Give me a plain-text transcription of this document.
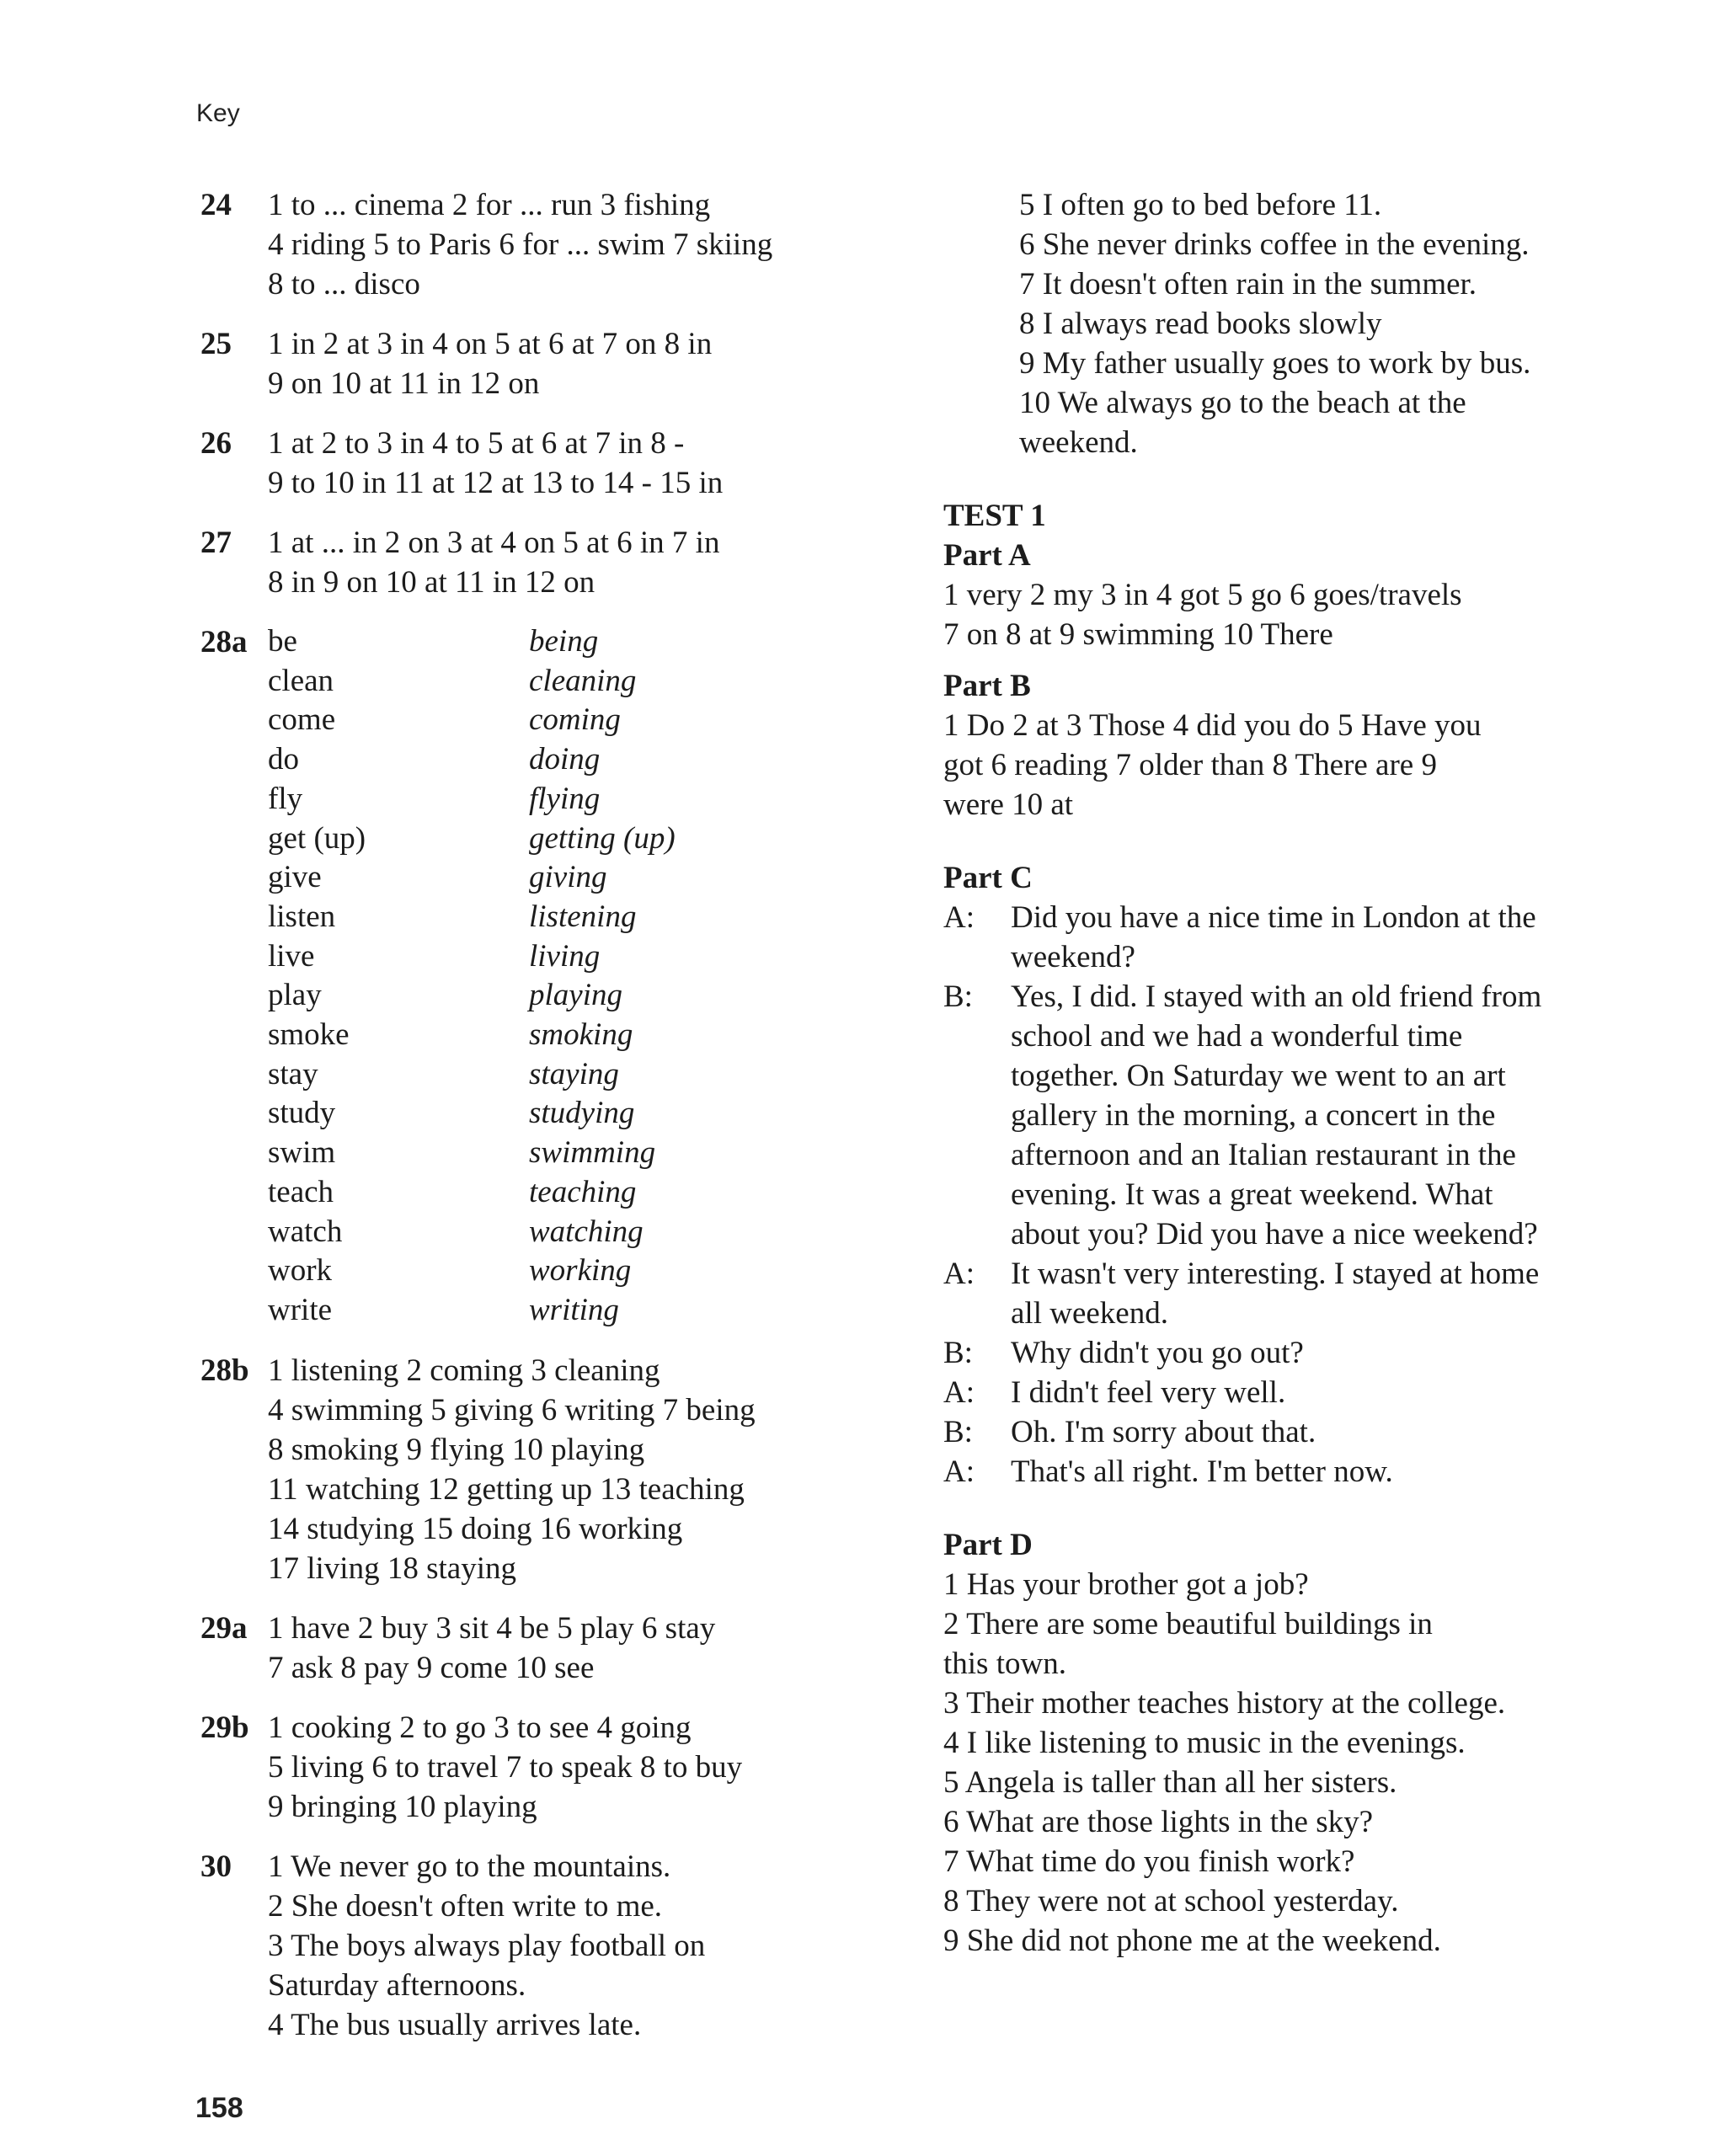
Key
24 1 to ... cinema 2 for ... run 3 fishing
4 riding 5 to Paris 6 for ... swim 7 skiing
8 to ... disco
25 1 in 2 at 3 in 4 on 5 at 6 at 7 on 8 in
9 on 10 at 11 in 12 on
26 1 at 2 to 3 in 4 to 5 at 6 at 7 in 8 -
9 to 10 in 11 at 12 at 13 to 14 - 15 in
27 1 at ... in 2 on 3 at 4 on 5 at 6 in 7 in
8 in 9 on 10 at 11 in 12 on
28a be	being
clean	cleaning
come	coming
do	doing
fly	flying
get (up)	getting (up)
give	giving
listen	listening
live	living
play	playing
smoke	smoking
stay	staying
study	studying
swim	swimming
teach	teaching
watch	watching
work	working
write	writing
28b 1 listening 2 coming 3 cleaning
4 swimming 5 giving 6 writing 7 being
8 smoking 9 flying 10 playing
11 watching 12 getting up 13 teaching
14 studying 15 doing 16 working
17 living 18 staying
29a 1 have 2 buy 3 sit 4 be 5 play 6 stay
7 ask 8 pay 9 come 10 see
29b 1 cooking 2 to go 3 to see 4 going
5 living 6 to travel 7 to speak 8 to buy
9 bringing 10 playing
30 1 We never go to the mountains.
2 She doesn't often write to me.
3 The boys always play football on
Saturday afternoons.
4 The bus usually arrives late.
5 I often go to bed before 11.
6 She never drinks coffee in the evening.
7 It doesn't often rain in the summer.
8 I always read books slowly
9 My father usually goes to work by bus.
10 We always go to the beach at the
weekend.
TEST 1
Part A
1 very 2 my 3 in 4 got 5 go 6 goes/travels
7 on 8 at 9 swimming 10 There
Part B
1 Do 2 at 3 Those 4 did you do 5 Have you
got 6 reading 7 older than 8 There are 9
were 10 at
Part C
A:	Did you have a nice time in London at the
weekend?
B:	Yes, I did. I stayed with an old friend from
school and we had a wonderful time
together. On Saturday we went to an art
gallery in the morning, a concert in the
afternoon and an Italian restaurant in the
evening. It was a great weekend. What
about you? Did you have a nice weekend?
A:	It wasn't very interesting. I stayed at home
all weekend.
B:	Why didn't you go out?
A:	I didn't feel very well.
B:	Oh. I'm sorry about that.
A:	That's all right. I'm better now.
Part D
1 Has your brother got a job?
2 There are some beautiful buildings in
this town.
3 Their mother teaches history at the college.
4 I like listening to music in the evenings.
5 Angela is taller than all her sisters.
6 What are those lights in the sky?
7 What time do you finish work?
8 They were not at school yesterday.
9 She did not phone me at the weekend.
158
